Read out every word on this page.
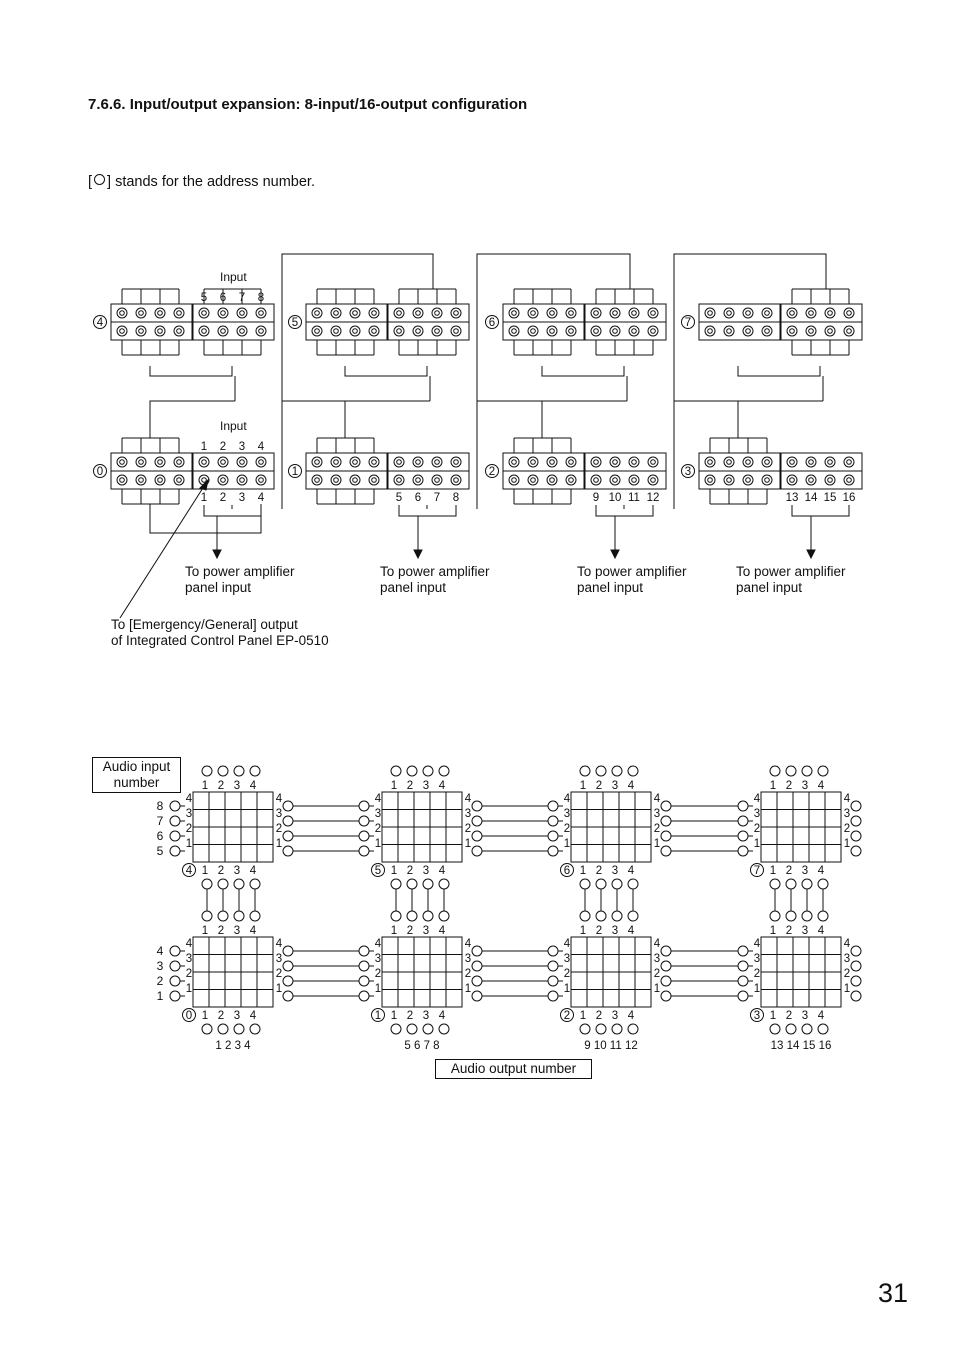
7.6.6. Input/output expansion: 8-input/16-output configuration
[ ] stands for the address number.
4
0
1 2 3 4
5
1
5 6 7 8
6
2
9 10 11 12
7
3
13 14 15 16
5 6 7 8
1 2 3 4
Input
Input
To power amplifier
panel input
To power amplifier
panel input
To power amplifier
panel input
To power amplifier
panel input
To [Emergency/General] output
of Integrated Control Panel EP-0510
1
1
2
2
3
3
4
4
4	4
3	3
2	2
1	1
4
1
1
2
2
3
3
4
4
4	4
3	3
2	2
1	1
5
1
1
2
2
3
3
4
4
4	4
3	3
2	2
1	1
6
1
1
2
2
3
3
4
4
4	4
3	3
2	2
1	1
7
1
1
2
2
3
3
4
4
4	4
3	3
2	2
1	1
0
1
1
2
2
3
3
4
4
4	4
3	3
2	2
1	1
1
1
1
2
2
3
3
4
4
4	4
3	3
2	2
1	1
2
1
1
2
2
3
3
4
4
4	4
3	3
2	2
1	1
3
8
7
6
5
4
3
2
1
1 2 3 4	5 6 7 8	9 10 11 12	13 14 15 16
Audio input
number
Audio output number
31
